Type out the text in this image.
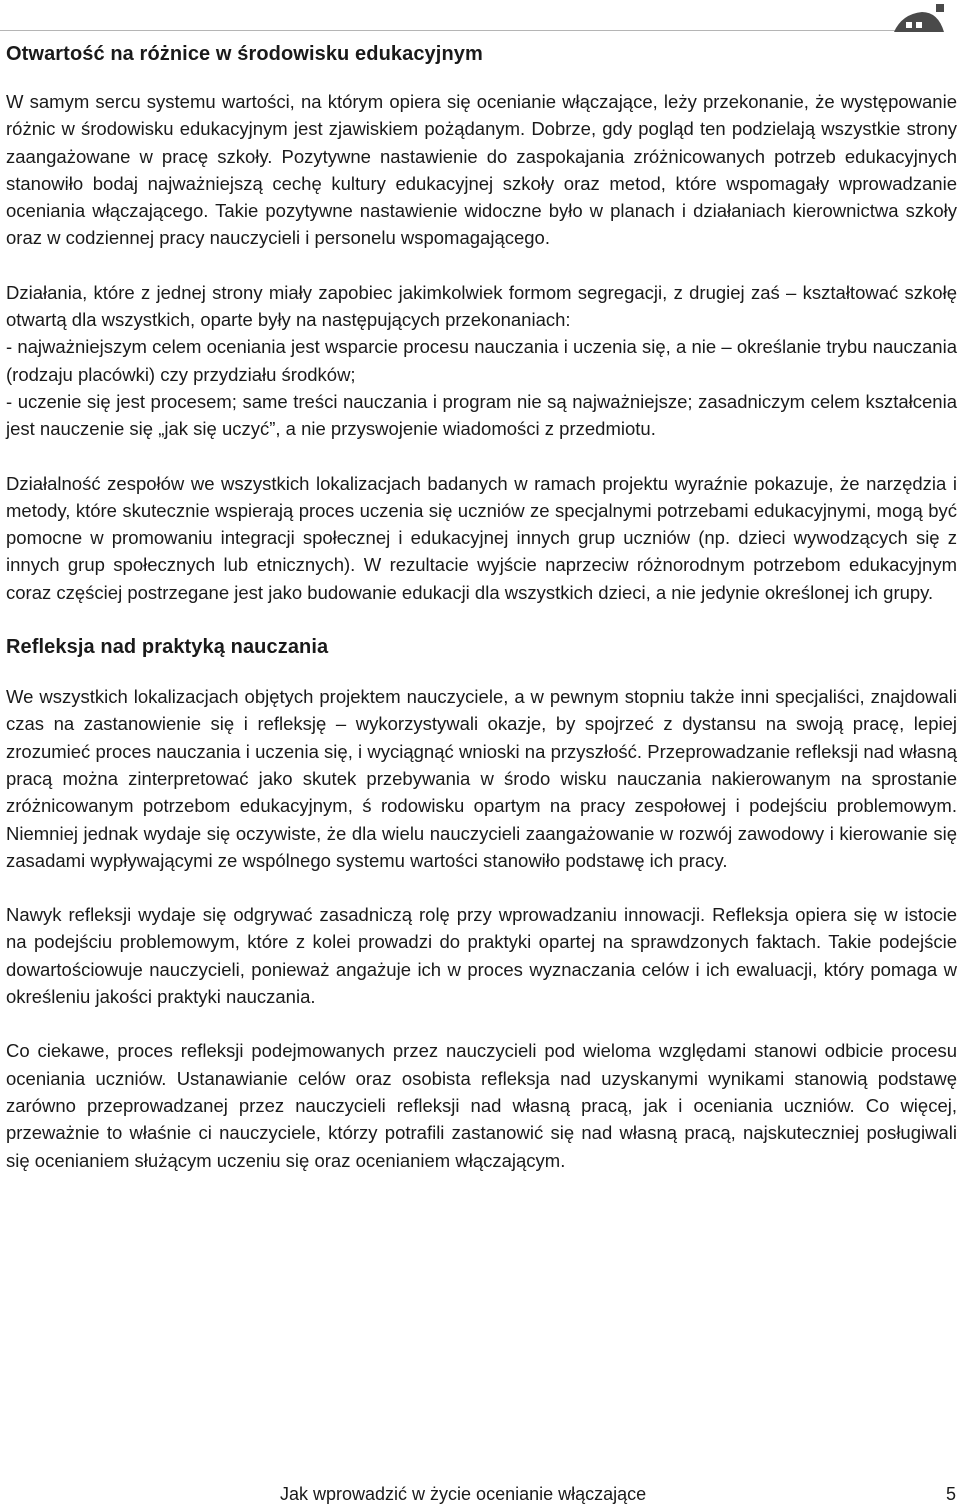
Otwartość na różnice w środowisku edukacyjnym

W samym sercu systemu wartości, na którym opiera się ocenianie włączające, leży przekonanie, że występowanie różnic w środowisku edukacyjnym jest zjawiskiem pożądanym. Dobrze, gdy pogląd ten podzielają wszystkie strony zaangażowane w pracę szkoły. Pozytywne nastawienie do zaspokajania zróżnicowanych potrzeb edukacyjnych stanowiło bodaj najważniejszą cechę kultury edukacyjnej szkoły oraz metod, które wspomagały wprowadzanie oceniania włączającego. Takie pozytywne nastawienie widoczne było w planach i działaniach kierownictwa szkoły oraz w codziennej pracy nauczycieli i personelu wspomagającego.

Działania, które z jednej strony miały zapobiec jakimkolwiek formom segregacji, z drugiej zaś – kształtować szkołę otwartą dla wszystkich, oparte były na następujących przekonaniach:
- najważniejszym celem oceniania jest wsparcie procesu nauczania i uczenia się, a nie – określanie trybu nauczania (rodzaju placówki) czy przydziału środków;
- uczenie się jest procesem; same treści nauczania i program nie są najważniejsze; zasadniczym celem kształcenia jest nauczenie się „jak się uczyć”, a nie przyswojenie wiadomości z przedmiotu.

Działalność zespołów we wszystkich lokalizacjach badanych w ramach projektu wyraźnie pokazuje, że narzędzia i metody, które skutecznie wspierają proces uczenia się uczniów ze specjalnymi potrzebami edukacyjnymi, mogą być pomocne w promowaniu integracji społecznej i edukacyjnej innych grup uczniów (np. dzieci wywodzących się z innych grup społecznych lub etnicznych). W rezultacie wyjście naprzeciw różnorodnym potrzebom edukacyjnym coraz częściej postrzegane jest jako budowanie edukacji dla wszystkich dzieci, a nie jedynie określonej ich grupy.

Refleksja nad praktyką nauczania

We wszystkich lokalizacjach objętych projektem nauczyciele, a w pewnym stopniu także inni specjaliści, znajdowali czas na zastanowienie się i refleksję – wykorzystywali okazje, by spojrzeć z dystansu na swoją pracę, lepiej zrozumieć proces nauczania i uczenia się, i wyciągnąć wnioski na przyszłość. Przeprowadzanie refleksji nad własną pracą można zinterpretować jako skutek przebywania w środo wisku nauczania nakierowanym na sprostanie zróżnicowanym potrzebom edukacyjnym, ś rodowisku opartym na pracy zespołowej i podejściu problemowym. Niemniej jednak wydaje się oczywiste, że dla wielu nauczycieli zaangażowanie w rozwój zawodowy i kierowanie się zasadami wypływającymi ze wspólnego systemu wartości stanowiło podstawę ich pracy.

Nawyk refleksji wydaje się odgrywać zasadniczą rolę przy wprowadzaniu innowacji. Refleksja opiera się w istocie na podejściu problemowym, które z kolei prowadzi do praktyki opartej na sprawdzonych faktach. Takie podejście dowartościowuje nauczycieli, ponieważ angażuje ich w proces wyznaczania celów i ich ewaluacji, który pomaga w określeniu jakości praktyki nauczania.

Co ciekawe, proces refleksji podejmowanych przez nauczycieli pod wieloma względami stanowi odbicie procesu oceniania uczniów. Ustanawianie celów oraz osobista refleksja nad uzyskanymi wynikami stanowią podstawę zarówno przeprowadzanej przez nauczycieli refleksji nad własną pracą, jak i oceniania uczniów. Co więcej, przeważnie to właśnie ci nauczyciele, którzy potrafili zastanowić się nad własną pracą, najskuteczniej posługiwali się ocenianiem służącym uczeniu się oraz ocenianiem włączającym.

Jak wprowadzić w życie ocenianie włączające	5
